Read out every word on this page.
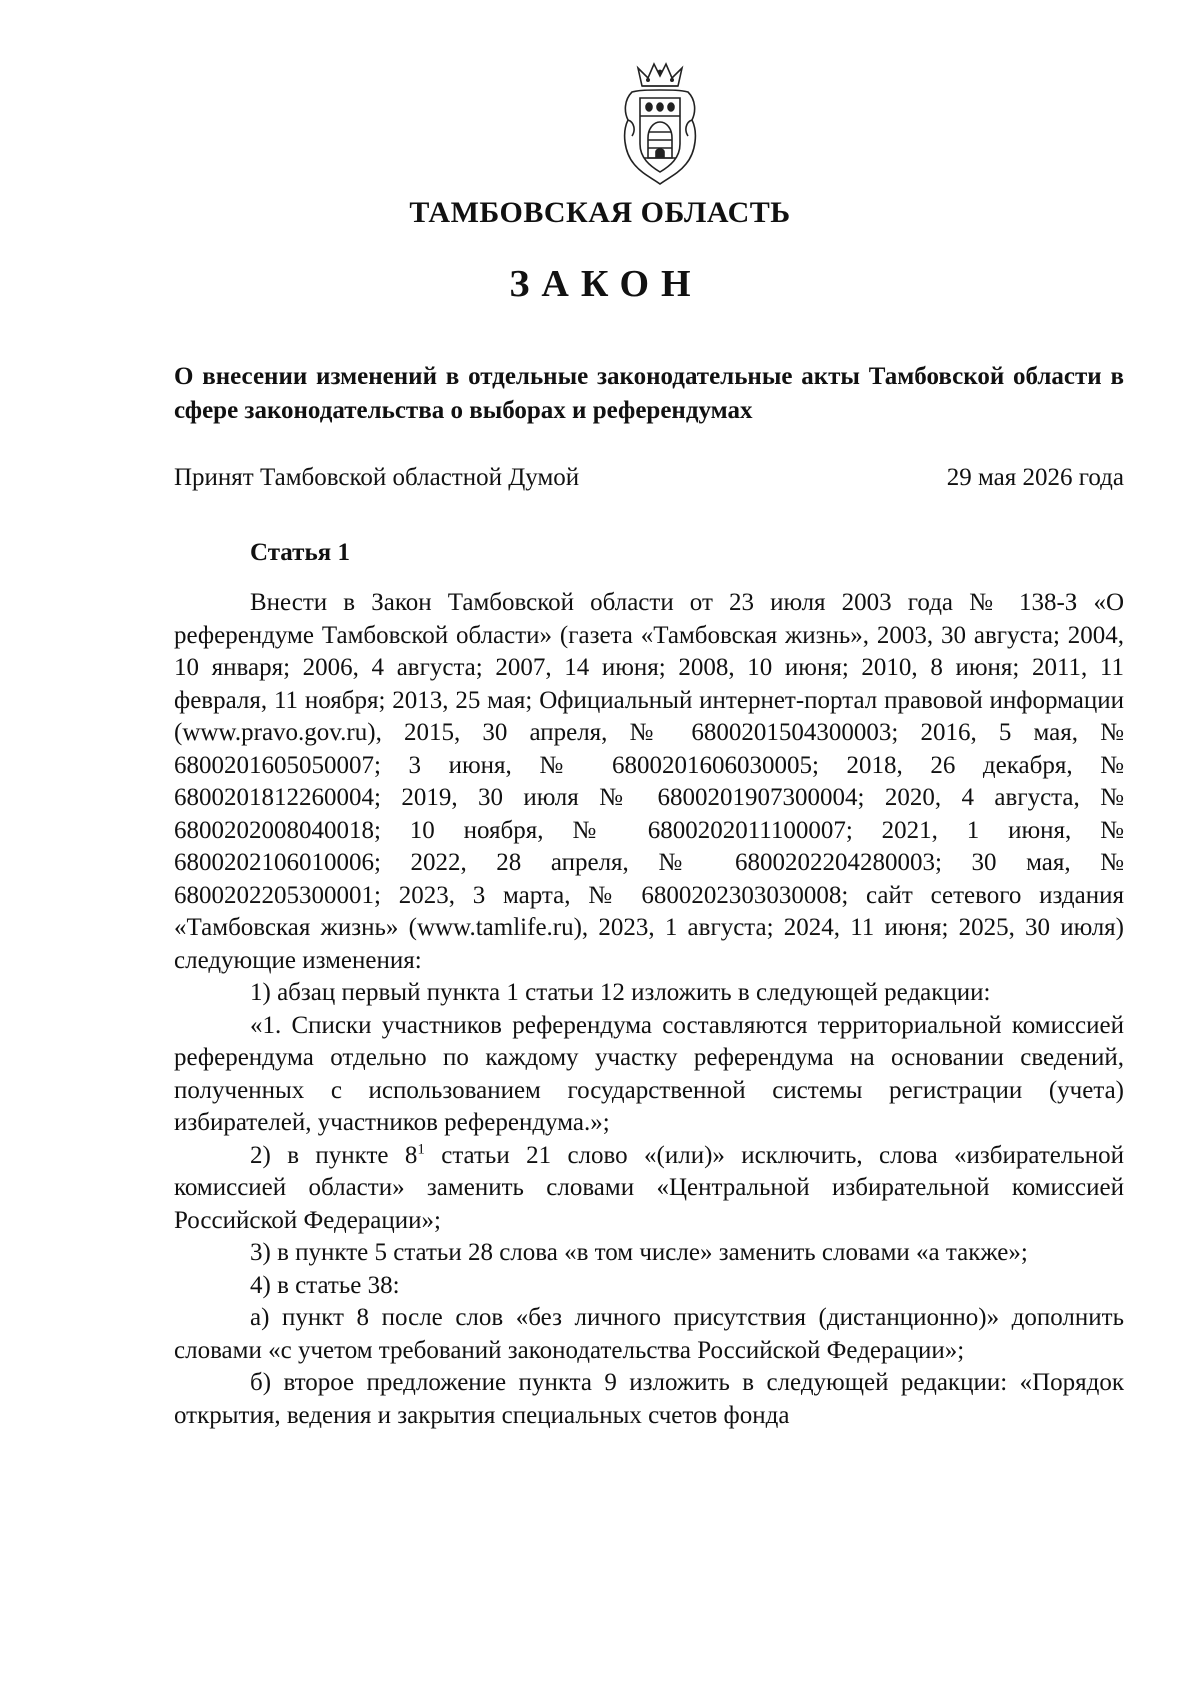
ТАМБОВСКАЯ ОБЛАСТЬ
ЗАКОН
О внесении изменений в отдельные законодательные акты Тамбовской области в сфере законодательства о выборах и референдумах
Принят Тамбовской областной Думой	29 мая 2026 года
Статья 1

Внести в Закон Тамбовской области от 23 июля 2003 года № 138-З «О референдуме Тамбовской области» (газета «Тамбовская жизнь», 2003, 30 августа; 2004, 10 января; 2006, 4 августа; 2007, 14 июня; 2008, 10 июня; 2010, 8 июня; 2011, 11 февраля, 11 ноября; 2013, 25 мая; Официальный интернет-портал правовой информации (www.pravo.gov.ru), 2015, 30 апреля, № 6800201504300003; 2016, 5 мая, № 6800201605050007; 3 июня, № 6800201606030005; 2018, 26 декабря, № 6800201812260004; 2019, 30 июля № 6800201907300004; 2020, 4 августа, № 6800202008040018; 10 ноября, № 6800202011100007; 2021, 1 июня, № 6800202106010006; 2022, 28 апреля, № 6800202204280003; 30 мая, № 6800202205300001; 2023, 3 марта, № 6800202303030008; сайт сетевого издания «Тамбовская жизнь» (www.tamlife.ru), 2023, 1 августа; 2024, 11 июня; 2025, 30 июля) следующие изменения:

1) абзац первый пункта 1 статьи 12 изложить в следующей редакции:

«1. Списки участников референдума составляются территориальной комиссией референдума отдельно по каждому участку референдума на основании сведений, полученных с использованием государственной системы регистрации (учета) избирателей, участников референдума.»;

2) в пункте $8^1$ статьи 21 слово «(или)» исключить, слова «избирательной комиссией области» заменить словами «Центральной избирательной комиссией Российской Федерации»;

3) в пункте 5 статьи 28 слова «в том числе» заменить словами «а также»;

4) в статье 38:

а) пункт 8 после слов «без личного присутствия (дистанционно)» дополнить словами «с учетом требований законодательства Российской Федерации»;

б) второе предложение пункта 9 изложить в следующей редакции: «Порядок открытия, ведения и закрытия специальных счетов фонда
